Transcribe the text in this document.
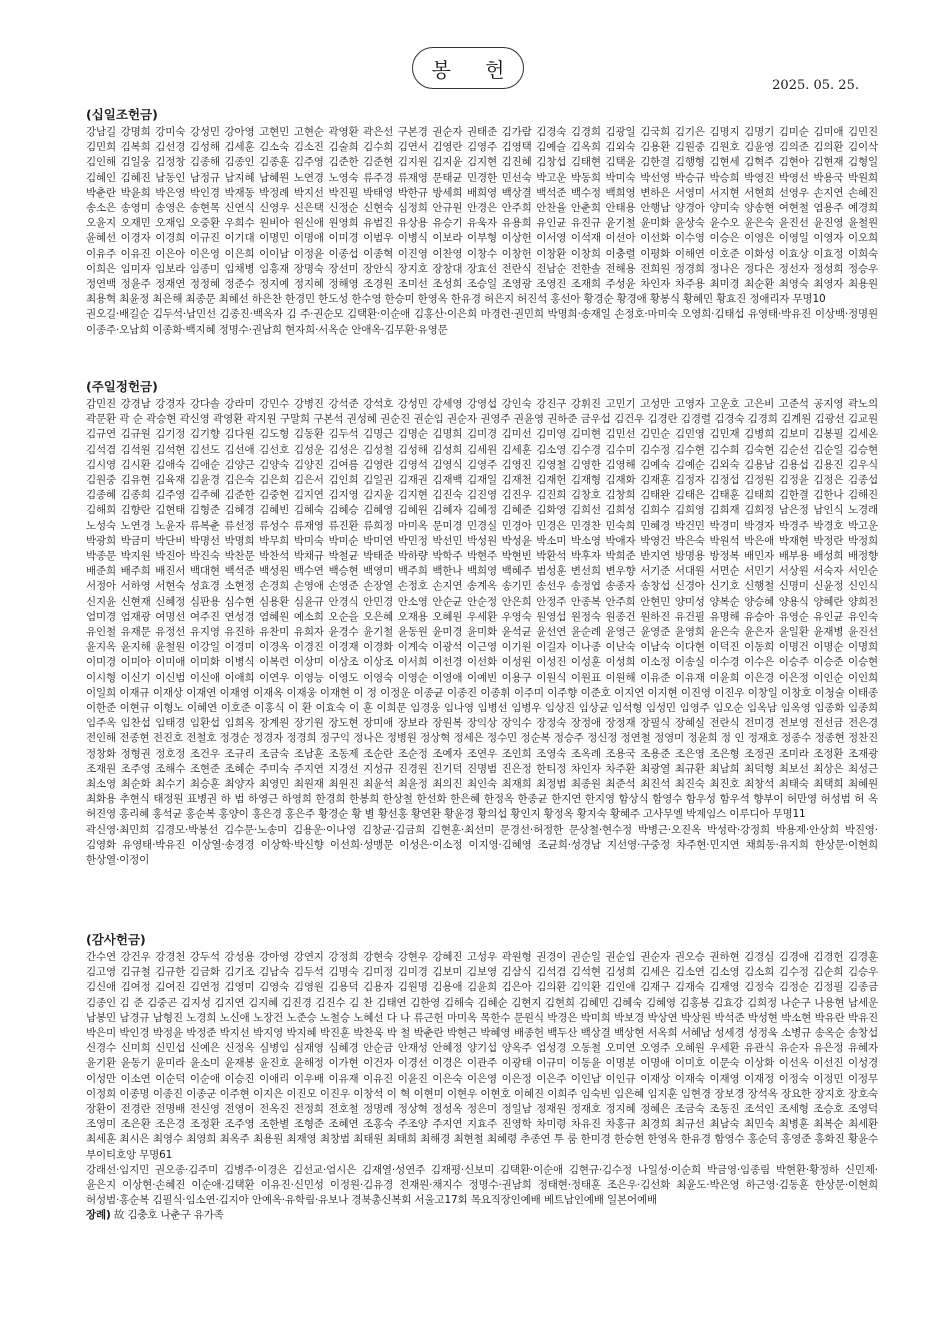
봉 헌
2025. 05. 25.
(십일조헌금)
강남길 강명희 강미숙 강성민 강아영 고현민 고현순 곽영환 곽은선 구본경 권순자 권태준 김가람 김경숙 김경희 김광일 김국희 김기은 김명지 김명기 김미순 김미애 김민진 김민희 김복희 김선경 김성해 김세훈 김소숙 김소진 김술희 김수희 김연서 김영란 김영주 김영택 김예슬 김옥희 김외숙 김용환 김원중 김원호 김윤영 김의준 김의환 김이삭 김인해 김일웅 김정창 김종해 김종인 김종훈 김주영 김준한 김준현 김지원 김지윤 김지현 김진혜 김창섭 김태현 김택윤 김한결 김행형 김현세 김혁주 김현아 김현재 김형일 김혜인 김혜진 남동인 남정규 남지혜 남혜원 노연경 노영숙 류주경 류재영 문태균 민경한 민선숙 박고운 박동희 박미숙 박선영 박승규 박승희 박영진 박영선 박용국 박원희 박춘란 박윤희 박은영 박인경 박재동 박정례 박지선 박진필 박태영 박한규 방세희 배희영 백상결 백석준 백수정 백희영 변하은 서영미 서지현 서현희 선영우 손지연 손혜진 송소은 송영미 송영은 송현목 신연식 신영우 신은택 신정순 신현숙 심정희 안규원 안경은 안주희 안찬율 안춘희 안태용 안행남 양경아 양미숙 양송현 여현철 염용주 예경희 오윤지 오재민 오재임 오중환 우희수 원비아 원신애 원영희 유범진 유상용 유승기 유욱자 유용희 유인균 유진규 윤기철 윤미화 윤상숙 윤수오 윤은숙 윤진선 윤진영 윤철원 윤혜선 이경자 이경희 이규진 이기대 이명민 이명애 이미경 이범우 이병식 이보라 이부형 이상헌 이서영 이석재 이선아 이선화 이수영 이승은 이영은 이영일 이영자 이오희 이유주 이유진 이은아 이은영 이은희 이이남 이정윤 이종섭 이종혁 이진영 이찬영 이창수 이창헌 이창환 이창희 이충렬 이평화 이해연 이호준 이화성 이효상 이효정 이희숙 이희은 임미자 임보라 임종미 임채병 임흥재 장명숙 장선미 장안식 장지호 장창대 장효선 전란식 전남순 전한솔 전해용 전희원 정경희 정나은 정다은 정선자 정성희 정승우 정연백 정윤주 정재연 정정혜 정준수 정지예 정지혜 정해영 조경원 조미선 조성희 조승일 조영광 조영진 조재희 주성윤 차인자 차주용 최미경 최순환 최영숙 최영자 최용원 최용혁 최윤정 최은해 최종문 최혜선 하은찬 한경민 한도성 한수영 한승미 한영옥 한유경 허은지 허진석 홍선아 황경순 황경애 황봉식 황혜민 황효진 정애리자 무명10
권오길·배길순 김두석·남민선 김종진·백옥자 김 주·권순모 김택환·이순애 김홍산·이은희 마경련·권민희 박명희·송재일 손정호·마미숙 오영희·김태섭 유영태·박유진 이상백·정명원 이종주·오남희 이종화·백지혜 정명수·권남희 현자희·서옥순 안애옥·김무환·유영문
(주일정헌금)
감민진 강경남 강경자 강다솔 강라미 강민수 강병진 강석준 강석호 강성민 강세영 강영섭 강인숙 강진구 강휘진 고민기 고성만 고영자 고운호 고은비 고준석 공지영 곽노의 곽문환 곽 순 곽승현 곽신영 곽영환 곽지원 구말희 구본석 권성혜 권순진 권순임 권순자 권영주 권윤영 권하준 금우섭 김건우 김경란 김경렬 김경숙 김경희 김계원 김광선 김교원 김규연 김규원 김기정 김기향 김다원 김도형 김동환 김두석 김명근 김명순 김명희 김미경 김미선 김미영 김미현 김민선 김민순 김민영 김민재 김병희 김보미 김봉필 김세온 김석겸 김석원 김석현 김선도 김선애 김선호 김성운 김성은 김성철 김성해 김성희 김세원 김세훈 김소영 김수경 김수미 김수정 김수현 김수희 김숙현 김순선 김순일 김승현 김시영 김시환 김애숙 김애순 김양근 김양숙 김양진 김여름 김영란 김영석 김영식 김영주 김영진 김영철 김영한 김영해 김예숙 김예순 김외숙 김용남 김용섭 김용진 김우식 김원중 김유현 김육재 김윤경 김은숙 김은희 김은서 김인희 김일권 김재권 김재백 김재일 김재천 김재헌 김재형 김재화 김재훈 김정자 김정섭 김정원 김정윤 김정은 김종섭 김종혜 김종희 김주영 김주혜 김준한 김중현 김지연 김지영 김지윤 김지현 김진숙 김진영 김진우 김진희 김창호 김창희 김태완 김태은 김태훈 김태희 김한결 김한나 김해진 김해희 김향란 김현태 김형준 김혜경 김혜빈 김혜숙 김혜승 김혜영 김혜원 김혜자 김혜정 김혜준 김화영 김희선 김희성 김희수 김희영 김희재 김희정 남은정 남인식 노경래 노성숙 노연경 노윤자 류복춘 류선정 류성수 류재영 류진환 류희정 마미옥 문미경 민경실 민경아 민경은 민경찬 민숙희 민혜경 박건민 박경미 박경자 박경주 박경호 박고운 박광희 박금미 박단비 박명선 박명희 박무희 박미숙 박미순 박미연 박민정 박선민 박성원 박성윤 박소미 박소영 박애자 박영건 박은숙 박원석 박은애 박재현 박정란 박정희 박종문 박지원 박진아 박진숙 박찬문 박찬석 박채규 박철균 박태준 박하량 박학주 박현주 박현빈 박환석 박후자 박희준 반지연 방명용 방정복 배민자 배부용 배성희 배정향 배준희 배주희 배진서 백대현 백석준 백성원 백수연 백승현 백영미 백주희 백한나 백희영 백혜주 범성훈 변선희 변우향 서기준 서대원 서면순 서민기 서상원 서숙자 서인순 서정아 서하영 서현숙 성효경 소현정 손경희 손영애 손영준 손장열 손정호 손지연 송계옥 송기민 송선우 송정엽 송종자 송창섭 신경아 신기호 신행철 신명미 신윤정 신인식 신지윤 신현재 신혜정 심판용 심수현 심용환 심윤규 안경식 안민경 안소영 안순균 안순정 안은희 안정주 안종복 안주희 안현민 양미성 양복순 양승혜 양용식 양혜란 양희전 엄미경 엄재광 여명선 여주진 연성경 염혜원 예소희 오순을 오은혜 오재용 오혜원 우세환 우영숙 원영섭 원정숙 원종건 원하진 유건필 유명해 유승아 유영순 유인균 유인숙 유인철 유재문 유정선 유지영 유진하 유찬미 유희자 윤경수 윤기철 윤동원 윤미경 윤미화 윤석균 윤선연 윤순례 윤영근 윤영준 윤영희 윤은숙 윤은자 윤일환 윤재병 윤진선 윤지옥 윤지해 윤철원 이강일 이경미 이경옥 이경진 이경재 이경화 이계숙 이광석 이근영 이기원 이길자 이나종 이난숙 이남숙 이다현 이덕진 이동희 이명건 이명순 이명희 이미경 이미아 이미애 이미화 이병식 이복련 이상미 이상조 이상조 이서희 이선경 이선화 이성원 이성진 이성훈 이성희 이소정 이송실 이수경 이수은 이승주 이승준 이승현 이시형 이신기 이신범 이신애 이애희 이연우 이영능 이영도 이영숙 이영순 이영애 이예빈 이용구 이원식 이원표 이원해 이유준 이유재 이윤희 이은경 이은정 이인순 이인희 이일희 이재규 이재상 이재연 이재영 이재옥 이재웅 이재현 이 정 이정운 이종균 이종진 이종휘 이주미 이주향 이준호 이지연 이지현 이진영 이진우 이창일 이창호 이청술 이태종 이한준 이현규 이형노 이혜연 이호준 이홍식 이 환 이효숙 이 훈 이희문 임경웅 임나영 임병선 임병우 임상진 임상균 임석형 임성민 임영주 임오순 임옥남 임옥영 임종화 임종희 임주옥 임찬섭 임태경 임환섭 임희옥 장계원 장기원 장도현 장미애 장보라 장원복 장익상 장익수 장정숙 장정애 장정재 장필식 장혜실 전란식 전미경 전보영 전선금 전은경 전인해 전종현 전진호 전철호 정경순 정경자 정경희 정구익 정나은 정병원 정상혁 정세은 정수민 정순복 정승주 정신정 정연철 정영미 정윤희 정 인 정재호 정종수 정종현 정찬진 정창화 정형권 정호정 조건우 조규리 조금숙 조남훈 조동제 조순란 조순정 조예자 조연우 조인희 조영숙 조옥례 조용국 조용준 조은영 조은형 조정권 조미라 조정환 조재광 조재원 조주영 조해수 조현준 조혜순 주미숙 주지연 지경선 지성규 진경원 진기덕 진명범 진은정 한티정 차인자 차주환 최광열 최규환 최남희 최덕형 최보선 최상은 최성근 최소영 최순화 최수기 최승훈 최양자 최영민 최원재 최원진 최윤석 최윤정 최의진 최인숙 최재희 최정범 최종원 최준석 최진석 최진숙 최진호 최창석 최태숙 최택희 최혜원 최화용 추현식 태정원 표병권 하 범 하영근 하영희 한경희 한봉희 한상철 한선화 한은혜 한정옥 한종균 한지연 한지영 함상식 함영수 함우성 함우석 향부이 허만영 허성범 허 옥 허진영 홍리혜 홍석균 홍순복 홍양이 홍은경 홍은주 황경순 황 별 황선홍 황연환 황윤경 황의섭 황인지 황정옥 황지숙 황혜주 고사무엘 박제임스 이루디아 무명11
곽신영·최민희 김경모·박봉선 김수문·노송미 김용운·이나영 김창균·김금희 김현훈·최선미 문경선·허정한 문상철·현수정 박병근·오진옥 박성락·강정희 박용제·안상희 박진영·김영화 유영태·박유진 이상열·송경경 이상학·박신향 이선희·성맹문 이성은·이소정 이지영·김혜영 조균희·성경남 지선영·구중정 차주현·민지연 채희동·유지희 한상문·이현희 한상열·이정이
(감사헌금)
간수연 강건우 강경천 강두석 강성용 강아영 강연지 강정희 강현숙 강현우 강혜진 고성우 곽원형 권경이 권순일 권순임 권순자 권오승 권하현 김경심 김경애 김경헌 김경훈 김고영 김규철 김규한 김금화 김기조 김남숙 김두석 김명숙 김미정 김미경 김보미 김보영 김삼식 김석겸 김석현 김성희 김세은 김소연 김소영 김소희 김수정 김순희 김승우 김신애 김여정 김여진 김연정 김영미 김영숙 김영원 김용덕 김용자 김원명 김용애 김윤희 김은아 김의환 김익환 김인애 김재구 김재숙 김재영 김정숙 김정순 김정필 김종금 김종인 김 준 김중곤 김지성 김지연 김지혜 김진경 김진수 김 찬 김태연 김한영 김해숙 김혜순 김현지 김현희 김혜민 김혜숙 김혜영 김홍봉 김효강 김희정 나순구 나용현 남세운 남봉민 남경규 남형진 노경희 노신애 노장건 노준승 노철승 노혜선 다 나 류근헌 마미옥 목한수 문원식 박경은 박미희 박보경 박상연 박상원 박석준 박성현 박소현 박유란 박유진 박은미 박인경 박정윤 박정준 박지선 박지영 박지혜 박진훈 박찬욱 박 철 박춘란 박현근 박혜영 배종헌 백두산 백상결 백상현 서옥희 서혜남 성세경 성정욱 소병규 송옥순 송창섭 신경수 신미희 신민섭 신예은 신정옥 심병임 심재영 심혜경 안순금 안재성 안혜정 양기섭 양옥주 엄성경 오동철 오미연 오영주 오혜원 우세환 유관식 유순자 유은정 유혜자 윤기환 윤동기 윤미라 윤소미 윤재봉 윤진호 윤해정 이가현 이건자 이경선 이경은 이관주 이광태 이규미 이동윤 이명분 이명애 이미호 이문숙 이상화 이선옥 이선진 이성경 이성만 이소연 이순덕 이순애 이승진 이애리 이우배 이유재 이유진 이윤진 이은숙 이은영 이은정 이은주 이인남 이인규 이재상 이재숙 이재영 이재정 이정숙 이정민 이정무 이정희 이종명 이종진 이종군 이주현 이지은 이진모 이진우 이창석 이 혁 이현미 이현우 이현호 이혜진 이희주 임숙빈 임은혜 임지훈 임현경 장보경 장석옥 장요한 장지호 장호숙 장환이 전경란 전명배 전신영 전영이 전옥진 전정희 전호철 정명례 정상혁 정성옥 정은미 정일남 정재원 정재호 정지혜 정혜은 조금숙 조동진 조석인 조세형 조승호 조영덕 조영미 조은환 조은경 조정환 조주영 조한별 조형준 조혜연 조홍숙 주조양 주지연 지효주 진영학 차미령 차유진 차홍규 최경희 최규선 최남숙 최민숙 최병훈 최복순 최세환 최세훈 최시은 최영수 최영희 최옥주 최용원 최재영 최창범 최태원 최태희 최해경 최현철 최혜령 추종연 투 룸 한미경 한승현 한영옥 한유경 함영수 홍순덕 홍영준 홍화진 황윤수 부이티호앙 무명61
강래선·임지민 권오종·김주미 김병주·이경은 김선교·엄시은 김재열·성연주 김재평·신보미 김택환·이순애 김현규·김수정 나일성·이순희 박금영·임종림 박현환·황정하 신민제·윤은지 이상현·손혜진 이순애·김택환 이유진·신민성 이정원·김유경 전재원·채지수 정명수·권남희 정태현·정태훈 조은우·김선화 최윤도·박은영 하근영·김동훈 한상문·이현희 허성범·홍순복 김필식·임소연·김지아 안예옥·유학림·유보나 경북총신복회 서울고17회 목요직장인예배 베트남인예배 일본어예배
장례) 故 김충호 나춘구 유가족
